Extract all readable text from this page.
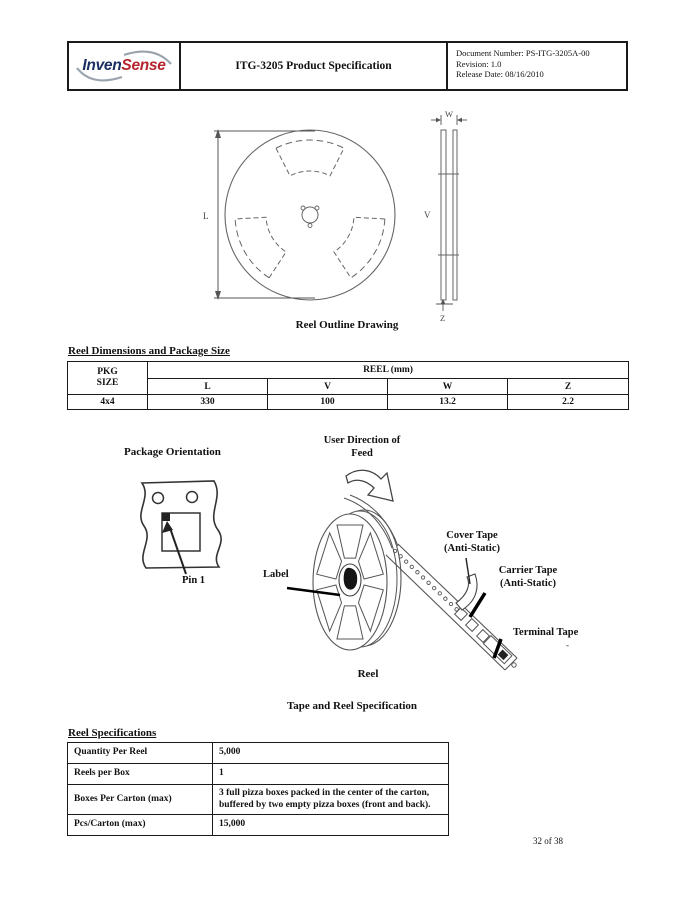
InvenSense	ITG-3205 Product Specification
Document Number: PS-ITG-3205A-00
Revision: 1.0
Release Date: 08/16/2010
L
W
V
Z
Reel Outline Drawing
Reel Dimensions and Package Size
PKG
SIZE	REEL (mm)			
	L	V	W	Z
4x4	330	100	13.2	2.2
Package Orientation
Pin 1
User Direction of
Feed
Label
Cover Tape
(Anti-Static)
Carrier Tape
(Anti-Static)
Terminal Tape
-
Reel
Tape and Reel Specification
Reel Specifications
Quantity Per Reel	5,000
Reels per Box	1
Boxes Per Carton (max)	3 full pizza boxes packed in the center of the carton, buffered by two empty pizza boxes (front and back).
Pcs/Carton (max)	15,000
32 of 38
